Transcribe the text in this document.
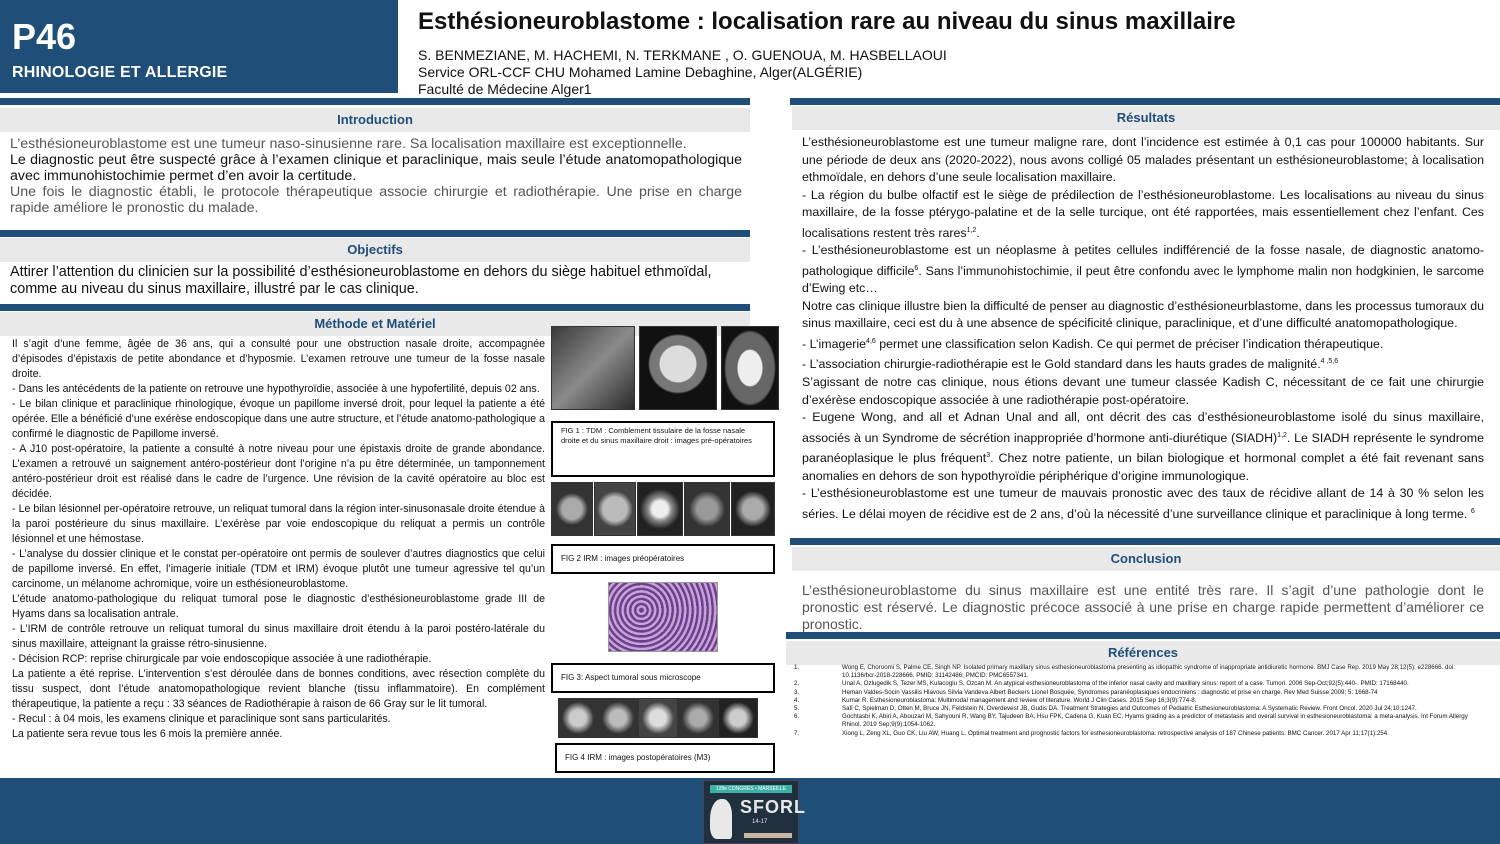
P46
RHINOLOGIE ET ALLERGIE
Esthésioneuroblastome : localisation rare au niveau du sinus maxillaire
S. BENMEZIANE, M. HACHEMI, N. TERKMANE , O. GUENOUA, M. HASBELLAOUI
Service ORL-CCF CHU Mohamed Lamine Debaghine, Alger(ALGÉRIE)
Faculté de Médecine Alger1
Introduction
L’esthésioneuroblastome est une tumeur naso-sinusienne rare. Sa localisation maxillaire est exceptionnelle.
Le diagnostic peut être suspecté grâce à l’examen clinique et paraclinique, mais seule l’étude anatomopathologique avec immunohistochimie permet d’en avoir la certitude.
Une fois le diagnostic établi, le protocole thérapeutique associe chirurgie et radiothérapie. Une prise en charge rapide améliore le pronostic du malade.
Objectifs
Attirer l’attention du clinicien sur la possibilité d’esthésioneuroblastome en dehors du siège habituel ethmoïdal, comme au niveau du sinus maxillaire, illustré par le cas clinique.
Méthode et Matériel
Il s’agit d’une femme, âgée de 36 ans, qui a consulté pour une obstruction nasale droite, accompagnée d’épisodes d’épistaxis de petite abondance et d’hyposmie. L’examen retrouve une tumeur de la fosse nasale droite.
- Dans les antécédents de la patiente on retrouve une hypothyroïdie, associée à une hypofertilité, depuis 02 ans.
- Le bilan clinique et paraclinique rhinologique, évoque un papillome inversé droit, pour lequel la patiente a été opérée. Elle a bénéficié d’une exérèse endoscopique dans une autre structure, et l’étude anatomo-pathologique a confirmé le diagnostic de Papillome inversé.
- A J10 post-opératoire, la patiente a consulté à notre niveau pour une épistaxis droite de grande abondance. L’examen a retrouvé un saignement antéro-postérieur dont l’origine n’a pu être déterminée, un tamponnement antéro-postérieur droit est réalisé dans le cadre de l’urgence. Une révision de la cavité opératoire au bloc est décidée.
- Le bilan lésionnel per-opératoire retrouve, un reliquat tumoral dans la région inter-sinusonasale droite étendue à la paroi postérieure du sinus maxillaire. L’exérèse par voie endoscopique du reliquat a permis un contrôle lésionnel et une hémostase.
- L’analyse du dossier clinique et le constat per-opératoire ont permis de soulever d’autres diagnostics que celui de papillome inversé. En effet, l’imagerie initiale (TDM et IRM) évoque plutôt une tumeur agressive tel qu’un carcinome, un mélanome achromique, voire un esthésioneuroblastome.
L’étude anatomo-pathologique du reliquat tumoral pose le diagnostic d’esthésioneuroblastome grade III de Hyams dans sa localisation antrale.
- L’IRM de contrôle retrouve un reliquat tumoral du sinus maxillaire droit étendu à la paroi postéro-latérale du sinus maxillaire, atteignant la graisse rétro-sinusienne.
- Décision RCP: reprise chirurgicale par voie endoscopique associée à une radiothérapie.
La patiente a été reprise. L’intervention s’est déroulée dans de bonnes conditions, avec résection complète du tissu suspect, dont l’étude anatomopathologique revient blanche (tissu inflammatoire). En complément thérapeutique, la patiente a reçu : 33 séances de Radiothérapie à raison de 66 Gray sur le lit tumoral.
- Recul : à 04 mois, les examens clinique et paraclinique sont sans particularités.
La patiente sera revue tous les 6 mois la première année.
FIG 1 : TDM : Comblement tissulaire de la fosse nasale droite et du sinus maxillaire droit : images pré-opératoires
FIG 2 IRM : images préopératoires
FIG 3: Aspect tumoral sous microscope
FIG 4 IRM : images postopératoires (M3)
Résultats

L’esthésioneuroblastome est une tumeur maligne rare, dont l’incidence est estimée à 0,1 cas pour 100000 habitants. Sur une période de deux ans (2020-2022), nous avons colligé 05 malades présentant un esthésioneuroblastome; à localisation ethmoïdale, en dehors d’une seule localisation maxillaire.

- La région du bulbe olfactif est le siège de prédilection de l’esthésioneuroblastome. Les localisations au niveau du sinus maxillaire, de la fosse ptérygo-palatine et de la selle turcique, ont été rapportées, mais essentiellement chez l’enfant. Ces localisations restent très rares$^{1,2}$.

- L’esthésioneuroblastome est un néoplasme à petites cellules indifférencié de la fosse nasale, de diagnostic anatomo-pathologique difficile$^6$. Sans l’immunohistochimie, il peut être confondu avec le lymphome malin non hodgkinien, le sarcome d’Ewing etc…

Notre cas clinique illustre bien la difficulté de penser au diagnostic d’esthésioneurblastome, dans les processus tumoraux du sinus maxillaire, ceci est du à une absence de spécificité clinique, paraclinique, et d’une difficulté anatomopathologique.

- L’imagerie$^{4,6}$ permet une classification selon Kadish. Ce qui permet de préciser l’indication thérapeutique.

- L’association chirurgie-radiothérapie est le Gold standard dans les hauts grades de malignité.$^{4 ,5,6}$

S’agissant de notre cas clinique, nous étions devant une tumeur classée Kadish C, nécessitant de ce fait une chirurgie d’exérèse endoscopique associée à une radiothérapie post-opératoire.

- Eugene Wong, and all et Adnan Unal and all, ont décrit des cas d’esthésioneuroblastome isolé du sinus maxillaire, associés à un Syndrome de sécrétion inappropriée d’hormone anti-diurétique (SIADH)$^{1,2}$. Le SIADH représente le syndrome paranéoplasique le plus fréquent$^3$. Chez notre patiente, un bilan biologique et hormonal complet a été fait revenant sans anomalies en dehors de son hypothyroïdie périphérique d’origine immunologique.

- L’esthésioneuroblastome est une tumeur de mauvais pronostic avec des taux de récidive allant de 14 à 30 % selon les séries. Le délai moyen de récidive est de 2 ans, d’où la nécessité d’une surveillance clinique et paraclinique à long terme. $^6$

Conclusion
L’esthésioneuroblastome du sinus maxillaire est une entité très rare. Il s’agit d’une pathologie dont le pronostic est réservé. Le diagnostic précoce associé à une prise en charge rapide permettent d’améliorer ce pronostic.
Références
1.	Wong E, Choroomi S, Palme CE, Singh NP. Isolated primary maxillary sinus esthesioneuroblastoma presenting as idiopathic syndrome of inappropriate antidiuretic hormone. BMJ Case Rep. 2019 May 28;12(5): e228666. doi: 10.1136/bcr-2018-228666. PMID: 31142486; PMCID: PMC6557341.
2.	Unal A, Ozlugedik S, Tezer MS, Kulacoglu S, Ozcan M. An atypical esthesioneuroblastoma of the inferior nasal cavity and maxillary sinus: report of a case. Tumori. 2006 Sep-Oct;92(5):440-. PMID: 17168440.
3.	Heman Valdes-Socin Vassilis Hlavous Silvia Vandeva Albert Beckers Lionel Bosquée, Syndromes paranéoplasiques endocriniens : diagnostic et prise en charge. Rev Med Suisse 2009; 5: 1668-74
4.	Kumar R. Esthesioneuroblastoma: Multimodal management and review of literature. World J Clin Cases. 2015 Sep 16;3(9):774-8.
5.	Safi C, Spielman D, Otten M, Bruce JN, Feldstein N, Overdevest JB, Gudis DA. Treatment Strategies and Outcomes of Pediatric Esthesioneuroblastoma: A Systematic Review. Front Oncol. 2020 Jul 24;10:1247.
6.	Gochtasbi K, Abiri A, Abouzari M, Sahyouni R, Wang BY, Tajudeen BA, Hsu FPK, Cadena G, Kuan EC. Hyams grading as a predictor of metastasis and overall survival in esthesioneuroblastoma: a meta-analysis. Int Forum Allergy Rhinol. 2019 Sep;9(9):1054-1062.
7.	Xiong L, Zeng XL, Guo CK, Liu AW, Huang L. Optimal treatment and prognostic factors for esthesioneuroblastoma: retrospective analysis of 187 Chinese patients. BMC Cancer. 2017 Apr 11;17(1):254.
128e CONGRÈS • MARSEILLE
SFORL
14-17
